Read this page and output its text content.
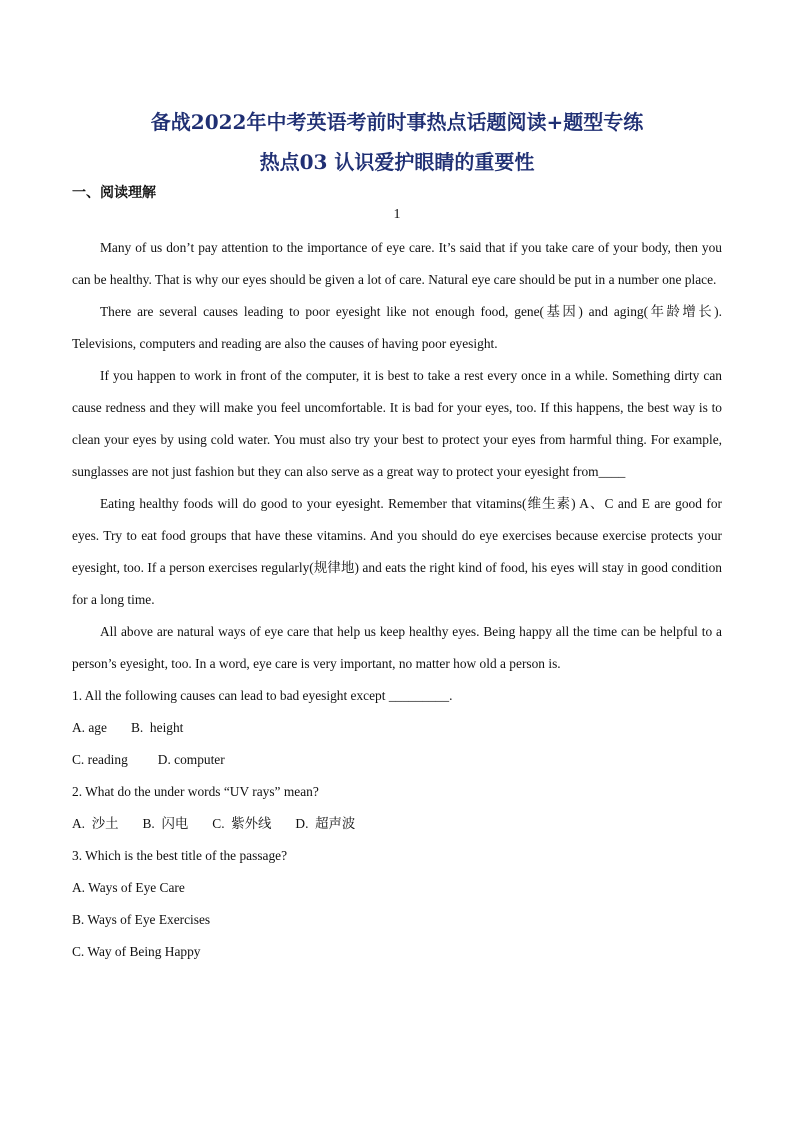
备战2022年中考英语考前时事热点话题阅读+题型专练
热点03 认识爱护眼睛的重要性
一、阅读理解
1

Many of us don’t pay attention to the importance of eye care. It’s said that if you take care of your body, then you can be healthy. That is why our eyes should be given a lot of care. Natural eye care should be put in a number one place.

There are several causes leading to poor eyesight like not enough food, gene(基因) and aging(年龄增长). Televisions, computers and reading are also the causes of having poor eyesight.

If you happen to work in front of the computer, it is best to take a rest every once in a while. Something dirty can cause redness and they will make you feel uncomfortable. It is bad for your eyes, too. If this happens, the best way is to clean your eyes by using cold water. You must also try your best to protect your eyes from harmful thing. For example, sunglasses are not just fashion but they can also serve as a great way to protect your eyesight from____

Eating healthy foods will do good to your eyesight. Remember that vitamins(维生素) A、C and E are good for eyes. Try to eat food groups that have these vitamins. And you should do eye exercises because exercise protects your eyesight, too. If a person exercises regularly(规律地) and eats the right kind of food, his eyes will stay in good condition for a long time.

All above are natural ways of eye care that help us keep healthy eyes. Being happy all the time can be helpful to a person’s eyesight, too. In a word, eye care is very important, no matter how old a person is.

1. All the following causes can lead to bad eyesight except _________.

A. age B.  height

C. reading D. computer

2. What do the under words “UV rays” mean?

A.  沙土 B.  闪电 C.  紫外线 D.  超声波

3. Which is the best title of the passage?

A. Ways of Eye Care

B. Ways of Eye Exercises

C. Way of Being Happy
